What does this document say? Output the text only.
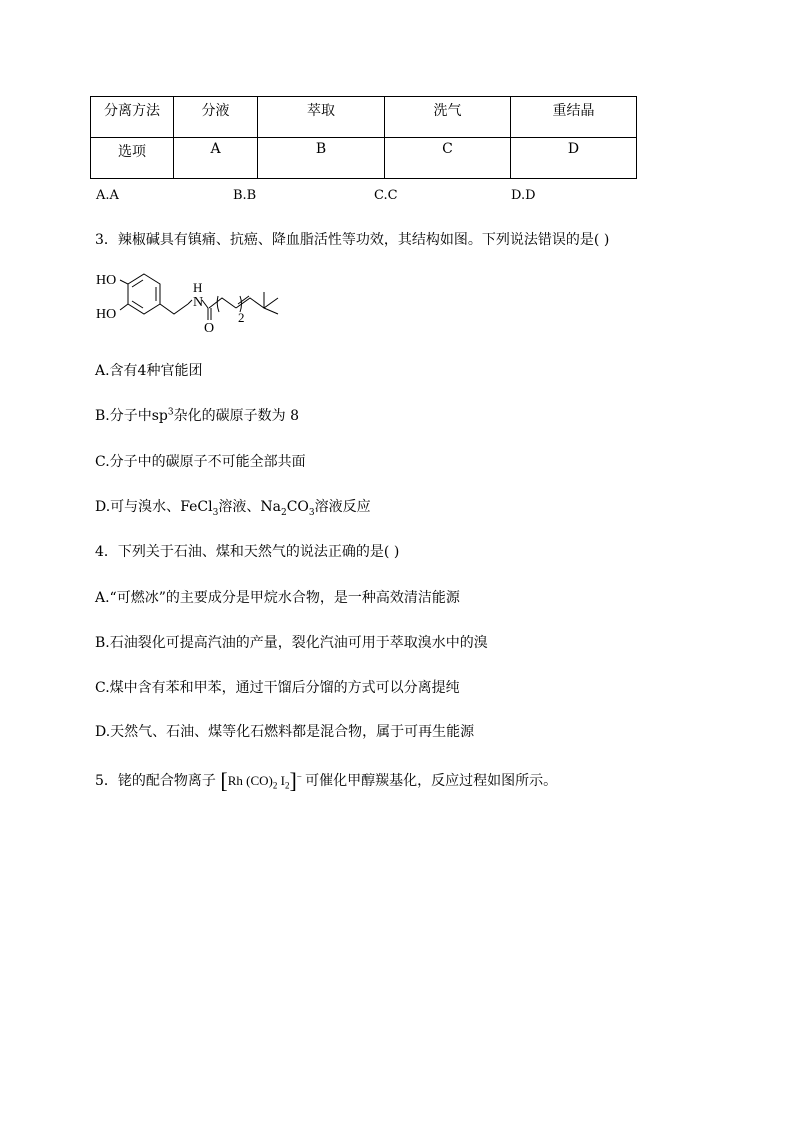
分离方法	分液	萃取	洗气	重结晶
选项	A	B	C	D
A.A	B.B	C.C	D.D
3．辣椒碱具有镇痛、抗癌、降血脂活性等功效，其结构如图。下列说法错误的是( )
HO
HO
N
H
O
2
A.含有4种官能团
B.分子中$sp^3$杂化的碳原子数为 8
C.分子中的碳原子不可能全部共面
D.可与溴水、FeCl$_3$溶液、$Na_2CO_3$溶液反应
4．下列关于石油、煤和天然气的说法正确的是( )
A.“可燃冰”的主要成分是甲烷水合物，是一种高效清洁能源
B.石油裂化可提高汽油的产量，裂化汽油可用于萃取溴水中的溴
C.煤中含有苯和甲苯，通过干馏后分馏的方式可以分离提纯
D.天然气、石油、煤等化石燃料都是混合物，属于可再生能源
5．铑的配合物离子 [Rh $(CO)_2$ $I_2]^-$ 可催化甲醇羰基化，反应过程如图所示。
